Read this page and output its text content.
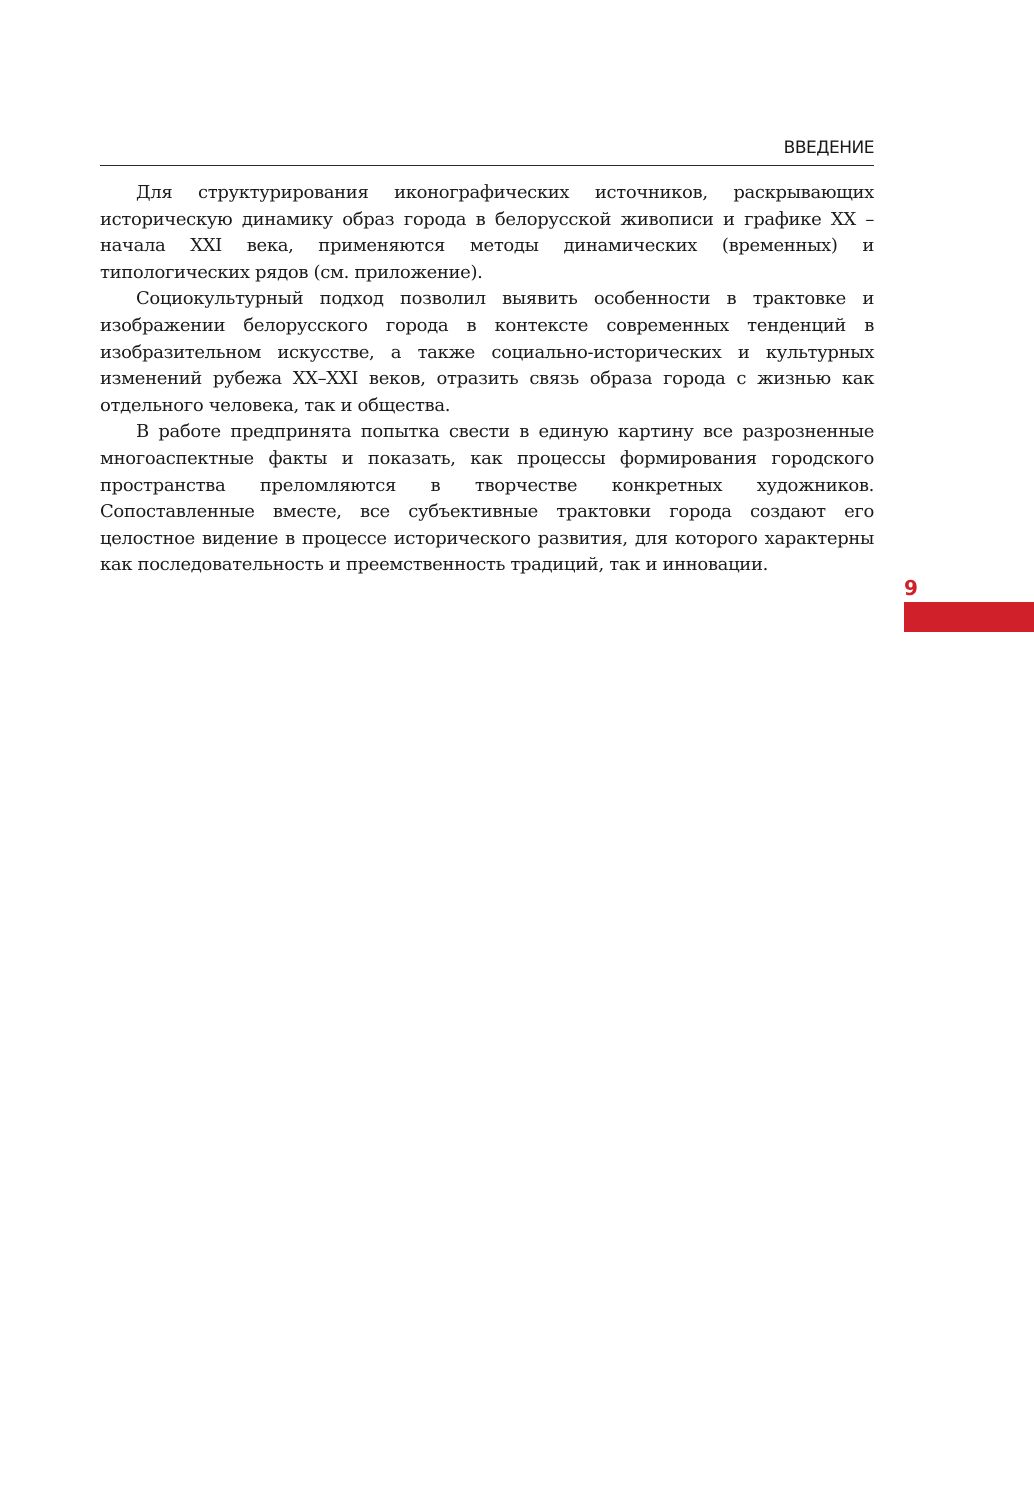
ВВЕДЕНИЕ

Для структурирования иконографических источников, раскрывающих историческую динамику образ города в белорусской живописи и графике XX – начала XXI века, применяются методы динамических (временных) и типологических рядов (см. приложение).

Социокультурный подход позволил выявить особенности в трактовке и изображении белорусского города в контексте современных тенденций в изобразительном искусстве, а также социально-исторических и культурных изменений рубежа XX–XXI веков, отразить связь образа города с жизнью как отдельного человека, так и общества.

В работе предпринята попытка свести в единую картину все разрозненные многоаспектные факты и показать, как процессы формирования городского пространства преломляются в творчестве конкретных художников. Сопоставленные вместе, все субъективные трактовки города создают его целостное видение в процессе исторического развития, для которого характерны как последовательность и преемственность традиций, так и инновации.

9
